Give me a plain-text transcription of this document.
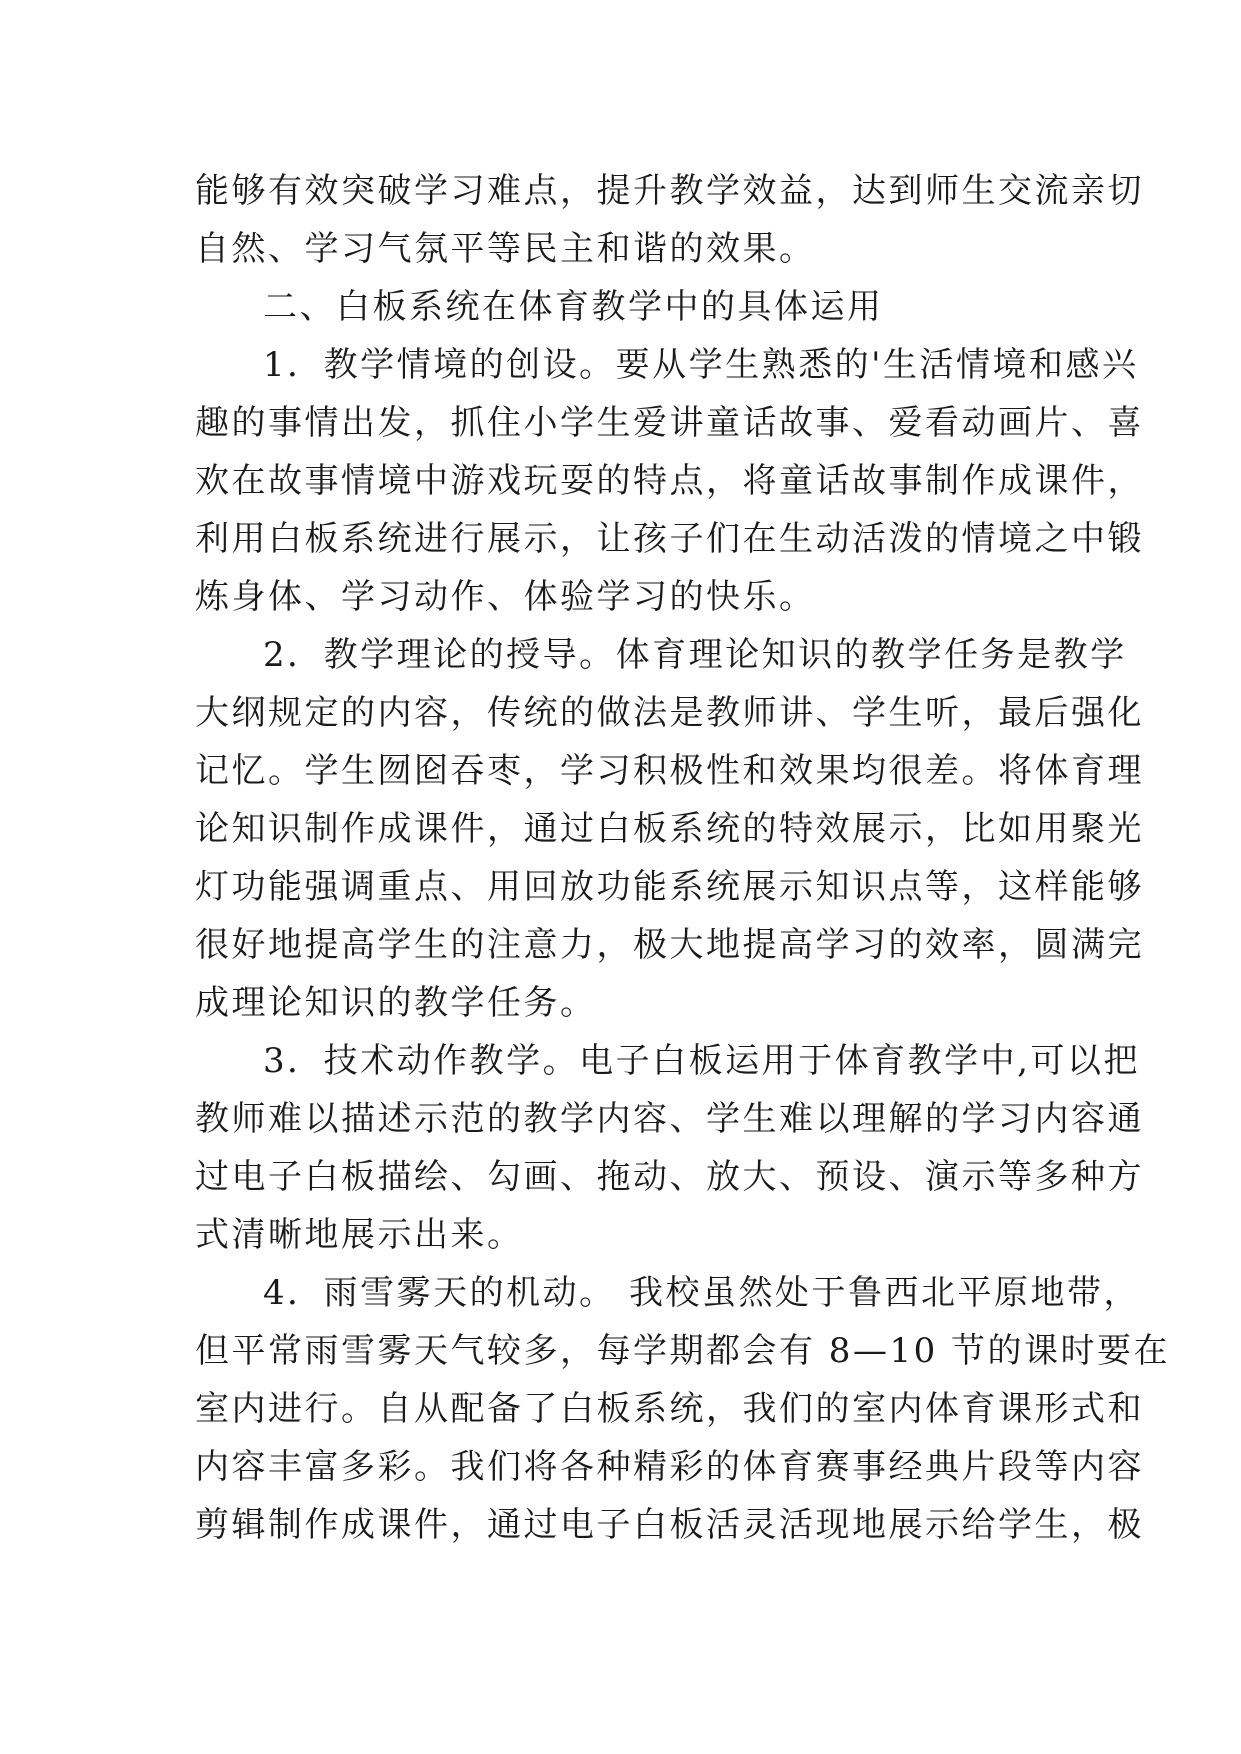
能够有效突破学习难点，提升教学效益，达到师生交流亲切
自然、学习气氛平等民主和谐的效果。
二、白板系统在体育教学中的具体运用
1．教学情境的创设。要从学生熟悉的'生活情境和感兴
趣的事情出发，抓住小学生爱讲童话故事、爱看动画片、喜
欢在故事情境中游戏玩耍的特点，将童话故事制作成课件，
利用白板系统进行展示，让孩子们在生动活泼的情境之中锻
炼身体、学习动作、体验学习的快乐。
2．教学理论的授导。体育理论知识的教学任务是教学
大纲规定的内容，传统的做法是教师讲、学生听，最后强化
记忆。学生囫囵吞枣，学习积极性和效果均很差。将体育理
论知识制作成课件，通过白板系统的特效展示，比如用聚光
灯功能强调重点、用回放功能系统展示知识点等，这样能够
很好地提高学生的注意力，极大地提高学习的效率，圆满完
成理论知识的教学任务。
3．技术动作教学。电子白板运用于体育教学中,可以把
教师难以描述示范的教学内容、学生难以理解的学习内容通
过电子白板描绘、勾画、拖动、放大、预设、演示等多种方
式清晰地展示出来。
4．雨雪雾天的机动。 我校虽然处于鲁西北平原地带，
但平常雨雪雾天气较多，每学期都会有 8—10 节的课时要在
室内进行。自从配备了白板系统，我们的室内体育课形式和
内容丰富多彩。我们将各种精彩的体育赛事经典片段等内容
剪辑制作成课件，通过电子白板活灵活现地展示给学生，极
